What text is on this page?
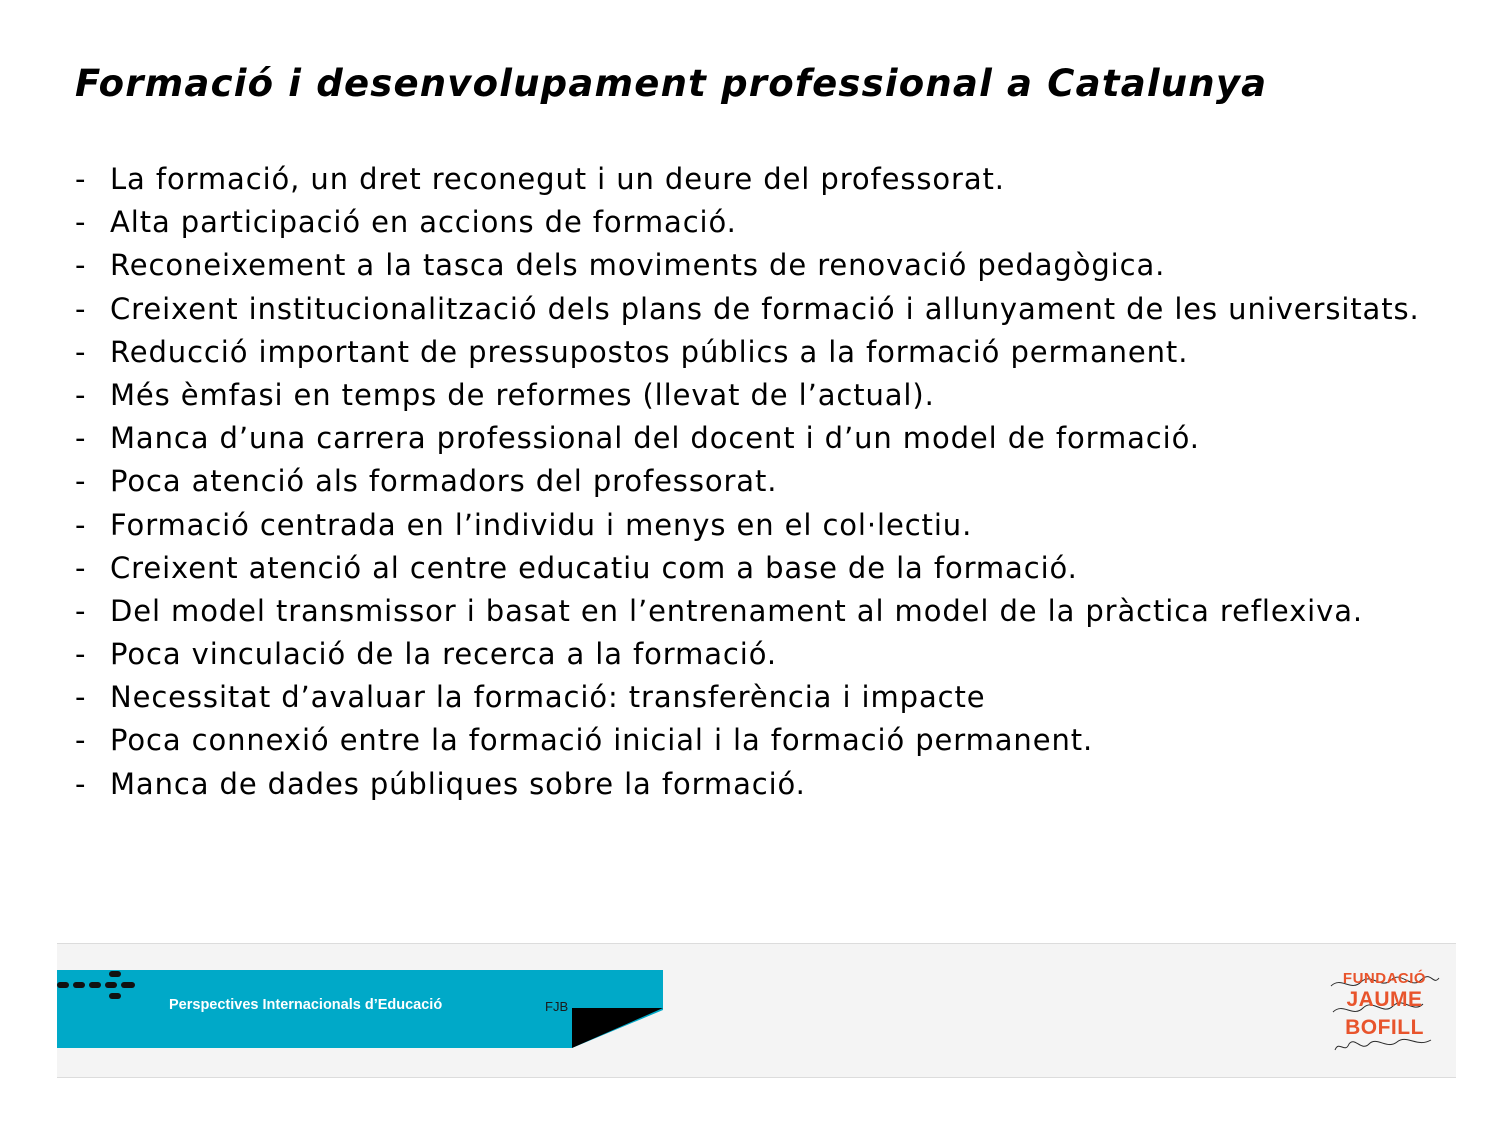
Formació i desenvolupament professional a Catalunya
- La formació, un dret reconegut i un deure del professorat.
- Alta participació en accions de formació.
- Reconeixement a la tasca dels moviments de renovació pedagògica.
- Creixent institucionalització dels plans de formació i allunyament de les universitats.
- Reducció important de pressupostos públics a la formació permanent.
- Més èmfasi en temps de reformes (llevat de l’actual).
- Manca d’una carrera professional del docent i d’un model de formació.
- Poca atenció als formadors del professorat.
- Formació centrada en l’individu i menys en el col·lectiu.
- Creixent atenció al centre educatiu com a base de la formació.
- Del model transmissor i basat en l’entrenament al model de la pràctica reflexiva.
- Poca vinculació de la recerca a la formació.
- Necessitat d’avaluar la formació: transferència i impacte
- Poca connexió entre la formació inicial i la formació permanent.
- Manca de dades públiques sobre la formació.
Perspectives Internacionals d’Educació	FJB
FUNDACIÓ
JAUME
BOFILL
